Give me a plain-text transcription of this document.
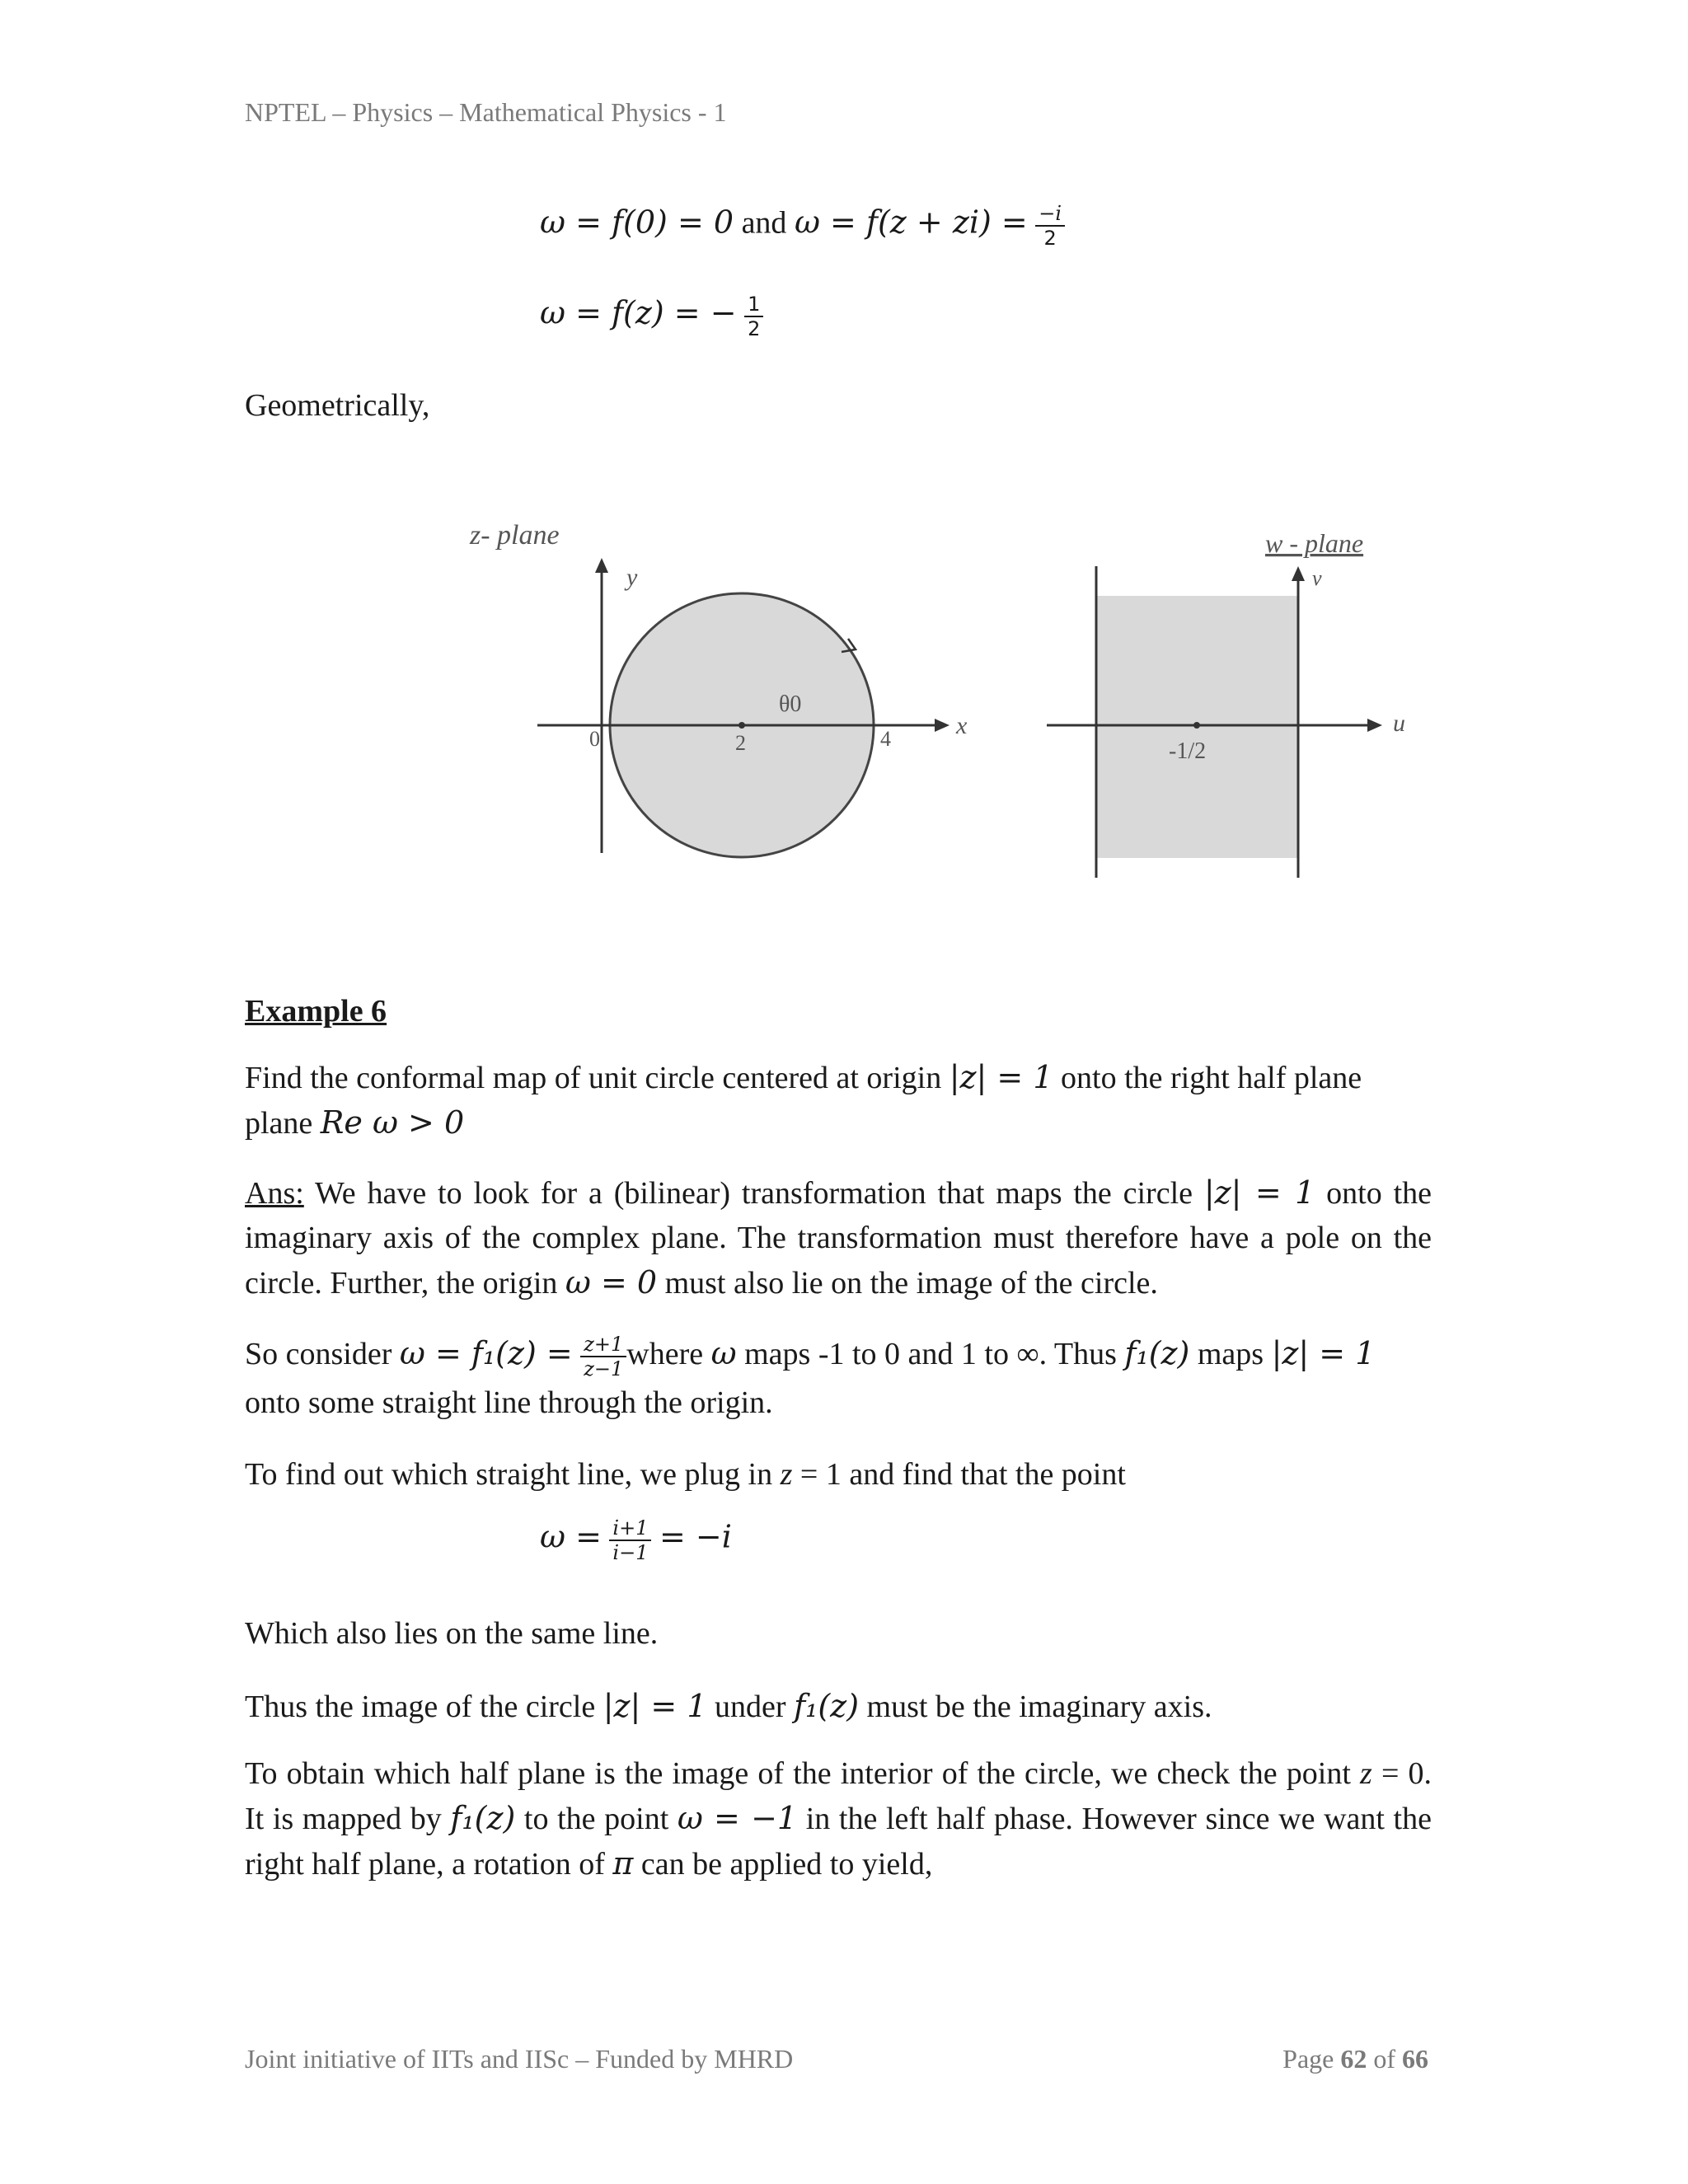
NPTEL – Physics – Mathematical Physics - 1
ω = f(0) = 0 and $\omega = f(z + zi) = \frac{-i}{2}$
ω = f(z) = − $\frac{1}{2}$
Geometrically,
z- plane
y
x
0	2	4
θ0
-1/2
u
v
w - plane
Example 6
Find the conformal map of unit circle centered at origin |z| = 1 onto the right half plane
plane Re ω > 0
Ans: We have to look for a (bilinear) transformation that maps the circle |z| = 1 onto the imaginary axis of the complex plane. The transformation must therefore have a pole on the circle. Further, the origin ω = 0 must also lie on the image of the circle.
So consider $\omega = f_1(z) = \frac{z+1}{z-1}$ where ω maps -1 to 0 and 1 to ∞. Thus f₁(z) maps |z| = 1
onto some straight line through the origin.
To find out which straight line, we plug in z = 1 and find that the point
$\omega = \frac{i+1}{i-1} = -i$
Which also lies on the same line.
Thus the image of the circle |z| = 1 under f₁(z) must be the imaginary axis.
To obtain which half plane is the image of the interior of the circle, we check the point z = 0. It is mapped by f₁(z) to the point ω = −1 in the left half phase. However since we want the right half plane, a rotation of π can be applied to yield,
Joint initiative of IITs and IISc – Funded by MHRD	Page 62 of 66
